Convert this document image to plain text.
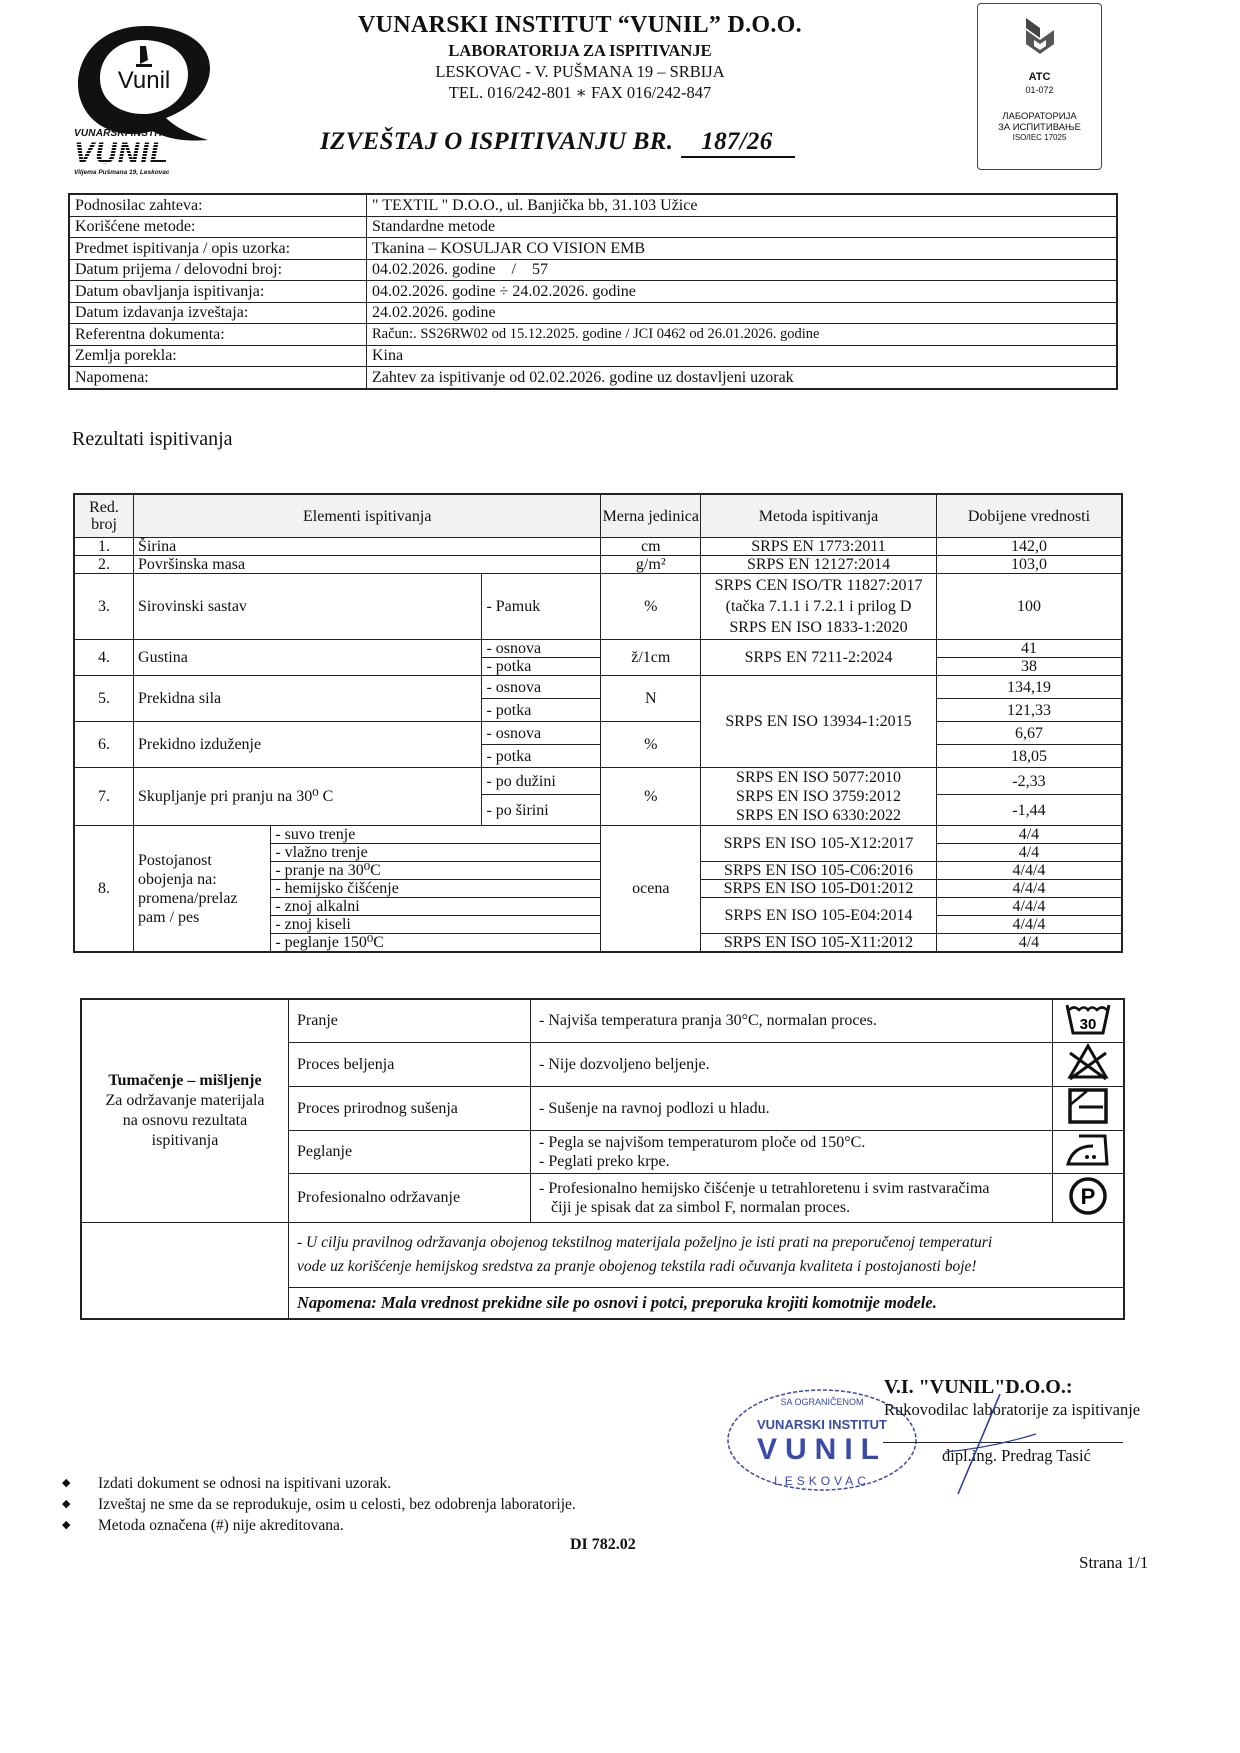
Vunil
VUNARSKI INSTITUT
VUNIL
Viljema Pušmana 19, Leskovac
VUNARSKI INSTITUT “VUNIL” D.O.O.
LABORATORIJA ZA ISPITIVANJE
LESKOVAC - V. PUŠMANA 19 – SRBIJA
TEL. 016/242-801 ∗ FAX 016/242-847
IZVEŠTAJ O ISPITIVANJU BR. 187/26
ATC
01-072
ЛАБОРАТОРИЈА
ЗА ИСПИТИВАЊЕ
ISO/IEC 17025
Podnosilac zahteva:	" TEXTIL " D.O.O., ul. Banjička bb, 31.103 Užice
Korišćene metode:	Standardne metode
Predmet ispitivanja / opis uzorka:	Tkanina – KOSULJAR CO VISION EMB
Datum prijema / delovodni broj:	04.02.2026. godine    /    57
Datum obavljanja ispitivanja:	04.02.2026. godine ÷ 24.02.2026. godine
Datum izdavanja izveštaja:	24.02.2026. godine
Referentna dokumenta:	Račun:. SS26RW02 od 15.12.2025. godine / JCI 0462 od 26.01.2026. godine
Zemlja porekla:	Kina
Napomena:	Zahtev za ispitivanje od 02.02.2026. godine uz dostavljeni uzorak
Rezultati ispitivanja
Red. broj	Elementi ispitivanja			Merna jedinica	Metoda ispitivanja	Dobijene vrednosti
1.	Širina			cm	SRPS EN 1773:2011	142,0
2.	Površinska masa			g/m²	SRPS EN 12127:2014	103,0
3.	Sirovinski sastav		- Pamuk	%	SRPS CEN ISO/TR 11827:2017
(tačka 7.1.1 i 7.2.1 i prilog D
SRPS EN ISO 1833-1:2020	100
4.	Gustina		- osnova	ž/1cm	SRPS EN 7211-2:2024	41
			- potka			38
5.	Prekidna sila		- osnova	N	SRPS EN ISO 13934-1:2015	134,19
			- potka			121,33
6.	Prekidno izduženje		- osnova	%		6,67
			- potka			18,05
7.	Skupljanje pri pranju na 30⁰ C		- po dužini	%	SRPS EN ISO 5077:2010
SRPS EN ISO 3759:2012
SRPS EN ISO 6330:2022	-2,33
			- po širini			-1,44
8.	Postojanost
obojenja na:
promena/prelaz
pam / pes	- suvo trenje		ocena	SRPS EN ISO 105-X12:2017	4/4
		- vlažno trenje				4/4
		- pranje na 30⁰C			SRPS EN ISO 105-C06:2016	4/4/4
		- hemijsko čišćenje			SRPS EN ISO 105-D01:2012	4/4/4
		- znoj alkalni			SRPS EN ISO 105-E04:2014	4/4/4
		- znoj kiseli				4/4/4
		- peglanje 150⁰C			SRPS EN ISO 105-X11:2012	4/4
Tumačenje – mišljenje
Za održavanje materijala
na osnovu rezultata
ispitivanja	Pranje	- Najviša temperatura pranja 30°C, normalan proces.	30

	Proces beljenja	- Nije dozvoljeno beljenje.	
	Proces prirodnog sušenja	- Sušenje na ravnoj podlozi u hladu.	
	Peglanje	- Pegla se najvišom temperaturom ploče od 150°C.
- Peglati preko krpe.

	Profesionalno održavanje	- Profesionalno hemijsko čišćenje u tetrahloretenu i svim rastvaračima
čiji je spisak dat za simbol F, normalan proces.	P

	- U cilju pravilnog održavanja obojenog tekstilnog materijala poželjno je isti prati na preporučenoj temperaturi
vode uz korišćenje hemijskog sredstva za pranje obojenog tekstila radi očuvanja kvaliteta i postojanosti boje!		

	Napomena: Mala vrednost prekidne sile po osnovi i potci, preporuka krojiti komotnije modele.		
VUNARSKI INSTITUT
VUNIL
LESKOVAC
SA OGRANIČENOM
V.I. "VUNIL"D.O.O.:
Rukovodilac laboratorije za ispitivanje
dipl.ing. Predrag Tasić
◆	Izdati dokument se odnosi na ispitivani uzorak.
◆	Izveštaj ne sme da se reprodukuje, osim u celosti, bez odobrenja laboratorije.
◆	Metoda označena (#) nije akreditovana.
DI 782.02
Strana 1/1
